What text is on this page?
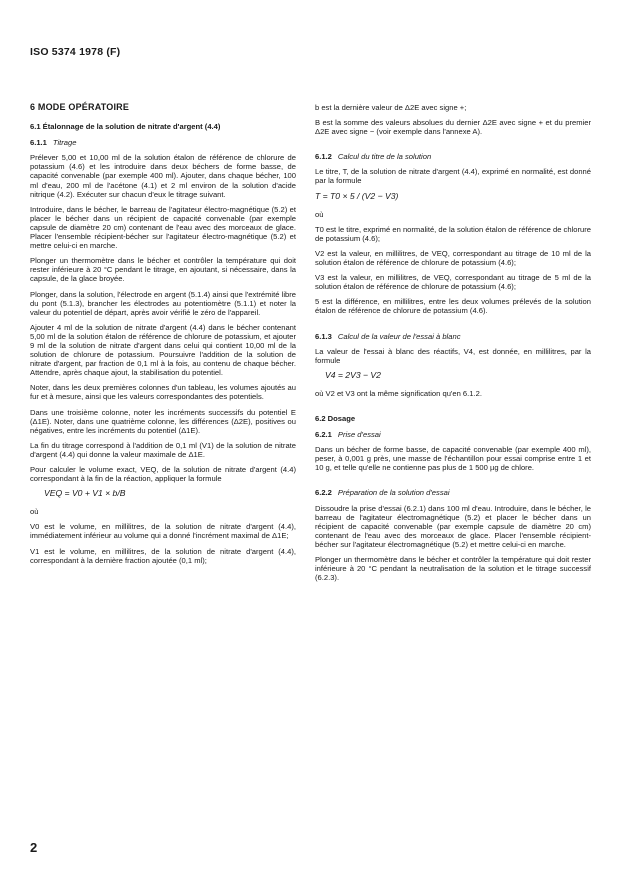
ISO 5374 1978 (F)
6 MODE OPÉRATOIRE
6.1 Étalonnage de la solution de nitrate d'argent (4.4)
6.1.1 Titrage

Prélever 5,00 et 10,00 ml de la solution étalon de référence de chlorure de potassium (4.6) et les introduire dans deux béchers de forme basse, de capacité convenable (par exemple 400 ml). Ajouter, dans chaque bécher, 100 ml d'eau, 200 ml de l'acétone (4.1) et 2 ml environ de la solution d'acide nitrique (4.2). Exécuter sur chacun d'eux le titrage suivant.

Introduire, dans le bécher, le barreau de l'agitateur électro-magnétique (5.2) et placer le bécher dans un récipient de capacité convenable (par exemple capsule de diamètre 20 cm) contenant de l'eau avec des morceaux de glace. Placer l'ensemble récipient-bécher sur l'agitateur électro-magnétique (5.2) et mettre celui-ci en marche.

Plonger un thermomètre dans le bécher et contrôler la température qui doit rester inférieure à 20 °C pendant le titrage, en ajoutant, si nécessaire, dans la capsule, de la glace broyée.

Plonger, dans la solution, l'électrode en argent (5.1.4) ainsi que l'extrémité libre du pont (5.1.3), brancher les électrodes au potentiomètre (5.1.1) et noter la valeur du potentiel de départ, après avoir vérifié le zéro de l'appareil.

Ajouter 4 ml de la solution de nitrate d'argent (4.4) dans le bécher contenant 5,00 ml de la solution étalon de référence de chlorure de potassium, et ajouter 9 ml de la solution de nitrate d'argent dans celui qui contient 10,00 ml de la solution de chlorure de potassium. Poursuivre l'addition de la solution de nitrate d'argent, par fraction de 0,1 ml à la fois, au contenu de chaque bécher. Attendre, après chaque ajout, la stabilisation du potentiel.

Noter, dans les deux premières colonnes d'un tableau, les volumes ajoutés au fur et à mesure, ainsi que les valeurs correspondantes des potentiels.

Dans une troisième colonne, noter les incréments successifs du potentiel E (Δ1E). Noter, dans une quatrième colonne, les différences (Δ2E), positives ou négatives, entre les incréments du potentiel (Δ1E).

La fin du titrage correspond à l'addition de 0,1 ml (V1) de la solution de nitrate d'argent (4.4) qui donne la valeur maximale de Δ1E.

Pour calculer le volume exact, VEQ, de la solution de nitrate d'argent (4.4) correspondant à la fin de la réaction, appliquer la formule

VEQ = V0 + V1 × b/B

où

V0 est le volume, en millilitres, de la solution de nitrate d'argent (4.4), immédiatement inférieur au volume qui a donné l'incrément maximal de Δ1E;

V1 est le volume, en millilitres, de la solution de nitrate d'argent (4.4), correspondant à la dernière fraction ajoutée (0,1 ml);

b est la dernière valeur de Δ2E avec signe +;

B est la somme des valeurs absolues du dernier Δ2E avec signe + et du premier Δ2E avec signe − (voir exemple dans l'annexe A).

6.1.2 Calcul du titre de la solution

Le titre, T, de la solution de nitrate d'argent (4.4), exprimé en normalité, est donné par la formule

T = T0 × 5 / (V2 − V3)

où

T0 est le titre, exprimé en normalité, de la solution étalon de référence de chlorure de potassium (4.6);

V2 est la valeur, en millilitres, de VEQ, correspondant au titrage de 10 ml de la solution étalon de référence de chlorure de potassium (4.6);

V3 est la valeur, en millilitres, de VEQ, correspondant au titrage de 5 ml de la solution étalon de référence de chlorure de potassium (4.6);

5 est la différence, en millilitres, entre les deux volumes prélevés de la solution étalon de référence de chlorure de potassium (4.6).

6.1.3 Calcul de la valeur de l'essai à blanc

La valeur de l'essai à blanc des réactifs, V4, est donnée, en millilitres, par la formule

V4 = 2V3 − V2

où V2 et V3 ont la même signification qu'en 6.1.2.

6.2 Dosage
6.2.1 Prise d'essai

Dans un bécher de forme basse, de capacité convenable (par exemple 400 ml), peser, à 0,001 g près, une masse de l'échantillon pour essai comprise entre 1 et 10 g, et telle qu'elle ne contienne pas plus de 1 500 µg de chlore.

6.2.2 Préparation de la solution d'essai

Dissoudre la prise d'essai (6.2.1) dans 100 ml d'eau. Introduire, dans le bécher, le barreau de l'agitateur électromagnétique (5.2) et placer le bécher dans un récipient de capacité convenable (par exemple capsule de diamètre 20 cm) contenant de l'eau avec des morceaux de glace. Placer l'ensemble récipient-bécher sur l'agitateur électromagnétique (5.2) et mettre celui-ci en marche.

Plonger un thermomètre dans le bécher et contrôler la température qui doit rester inférieure à 20 °C pendant la neutralisation de la solution et le titrage successif (6.2.3).

2
